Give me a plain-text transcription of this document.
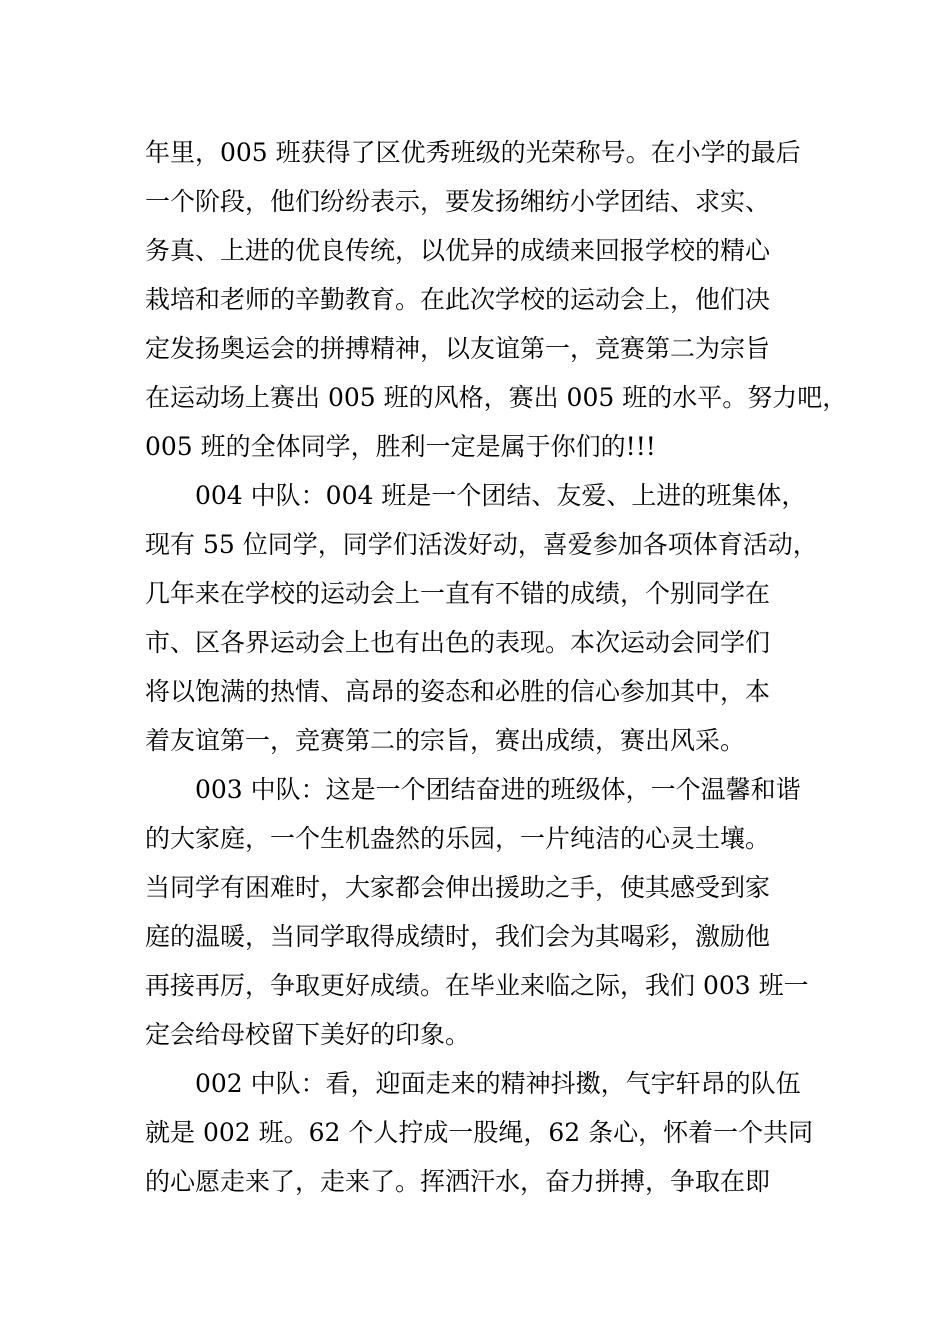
年里，005 班获得了区优秀班级的光荣称号。在小学的最后
一个阶段，他们纷纷表示，要发扬缃纺小学团结、求实、
务真、上进的优良传统，以优异的成绩来回报学校的精心
栽培和老师的辛勤教育。在此次学校的运动会上，他们决
定发扬奥运会的拼搏精神，以友谊第一，竞赛第二为宗旨
在运动场上赛出 005 班的风格，赛出 005 班的水平。努力吧，
005 班的全体同学，胜利一定是属于你们的!!!
004 中队：004 班是一个团结、友爱、上进的班集体，
现有 55 位同学，同学们活泼好动，喜爱参加各项体育活动，
几年来在学校的运动会上一直有不错的成绩，个别同学在
市、区各界运动会上也有出色的表现。本次运动会同学们
将以饱满的热情、高昂的姿态和必胜的信心参加其中，本
着友谊第一，竞赛第二的宗旨，赛出成绩，赛出风采。
003 中队：这是一个团结奋进的班级体，一个温馨和谐
的大家庭，一个生机盎然的乐园，一片纯洁的心灵土壤。
当同学有困难时，大家都会伸出援助之手，使其感受到家
庭的温暖，当同学取得成绩时，我们会为其喝彩，激励他
再接再厉，争取更好成绩。在毕业来临之际，我们 003 班一
定会给母校留下美好的印象。
002 中队：看，迎面走来的精神抖擞，气宇轩昂的队伍
就是 002 班。62 个人拧成一股绳，62 条心，怀着一个共同
的心愿走来了，走来了。挥洒汗水，奋力拼搏，争取在即
